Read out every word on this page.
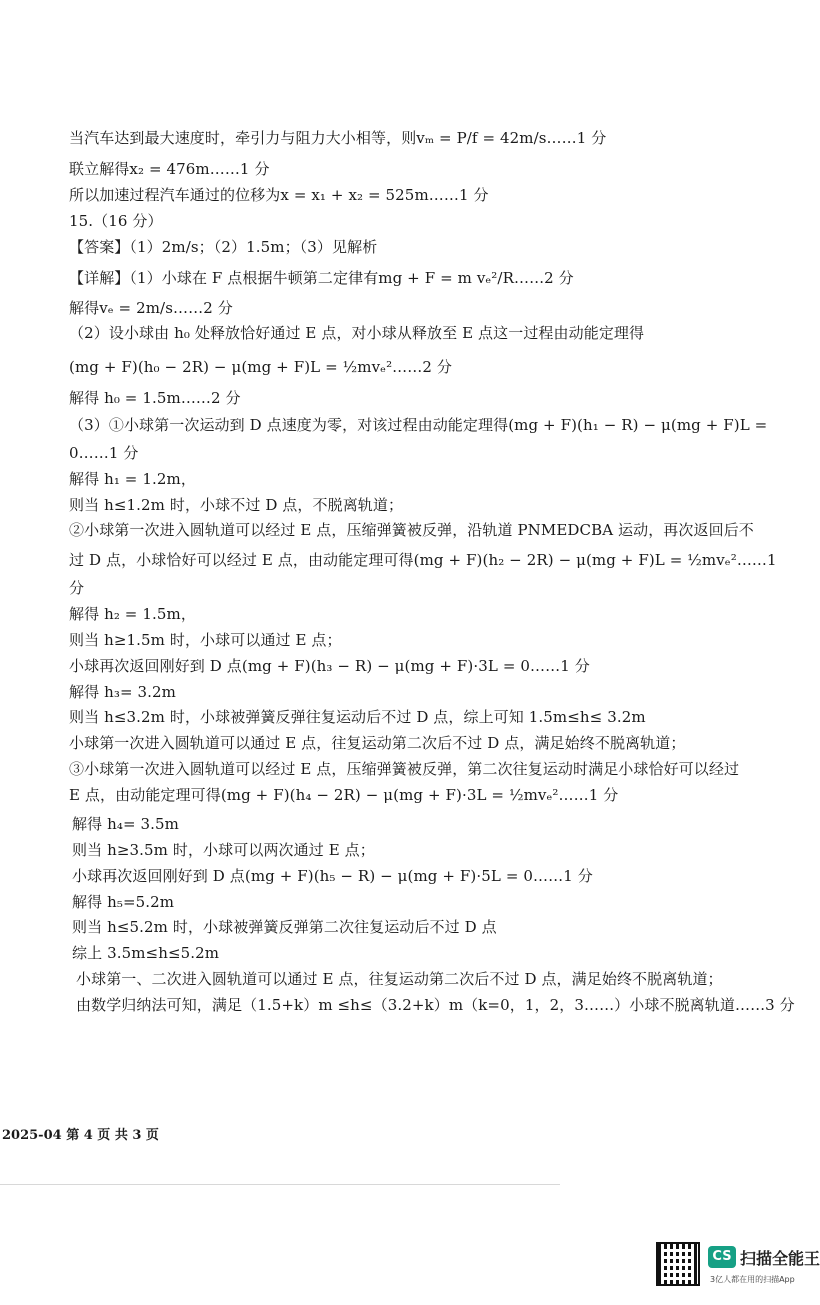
当汽车达到最大速度时，牵引力与阻力大小相等，则vₘ = P/f = 42m/s……1 分
联立解得x₂ = 476m……1 分
所以加速过程汽车通过的位移为x = x₁ + x₂ = 525m……1 分
15.（16 分）
【答案】（1）2m/s；（2）1.5m；（3）见解析
【详解】（1）小球在 F 点根据牛顿第二定律有mg + F = m vₑ²/R……2 分
解得vₑ = 2m/s……2 分
（2）设小球由 h₀ 处释放恰好通过 E 点，对小球从释放至 E 点这一过程由动能定理得
(mg + F)(h₀ − 2R) − μ(mg + F)L = ½mvₑ²……2 分
解得 h₀ = 1.5m……2 分
（3）①小球第一次运动到 D 点速度为零，对该过程由动能定理得(mg + F)(h₁ − R) − μ(mg + F)L =
0……1 分
解得 h₁ = 1.2m，
则当 h≤1.2m 时，小球不过 D 点，不脱离轨道；
②小球第一次进入圆轨道可以经过 E 点，压缩弹簧被反弹，沿轨道 PNMEDCBA 运动，再次返回后不
过 D 点，小球恰好可以经过 E 点，由动能定理可得(mg + F)(h₂ − 2R) − μ(mg + F)L = ½mvₑ²……1
分
解得 h₂ = 1.5m，
则当 h≥1.5m 时，小球可以通过 E 点；
小球再次返回刚好到 D 点(mg + F)(h₃ − R) − μ(mg + F)·3L = 0……1 分
解得 h₃= 3.2m
则当 h≤3.2m 时，小球被弹簧反弹往复运动后不过 D 点，综上可知 1.5m≤h≤ 3.2m
小球第一次进入圆轨道可以通过 E 点，往复运动第二次后不过 D 点，满足始终不脱离轨道；
③小球第一次进入圆轨道可以经过 E 点，压缩弹簧被反弹，第二次往复运动时满足小球恰好可以经过
E 点，由动能定理可得(mg + F)(h₄ − 2R) − μ(mg + F)·3L = ½mvₑ²……1 分
解得 h₄= 3.5m
则当 h≥3.5m 时，小球可以两次通过 E 点；
小球再次返回刚好到 D 点(mg + F)(h₅ − R) − μ(mg + F)·5L = 0……1 分
解得 h₅=5.2m
则当 h≤5.2m 时，小球被弹簧反弹第二次往复运动后不过 D 点
综上 3.5m≤h≤5.2m
小球第一、二次进入圆轨道可以通过 E 点，往复运动第二次后不过 D 点，满足始终不脱离轨道；
由数学归纳法可知，满足（1.5+k）m ≤h≤（3.2+k）m（k=0，1，2，3……）小球不脱离轨道……3 分
2025-04 第 4 页 共 3 页
CS 扫描全能王
3亿人都在用的扫描App
